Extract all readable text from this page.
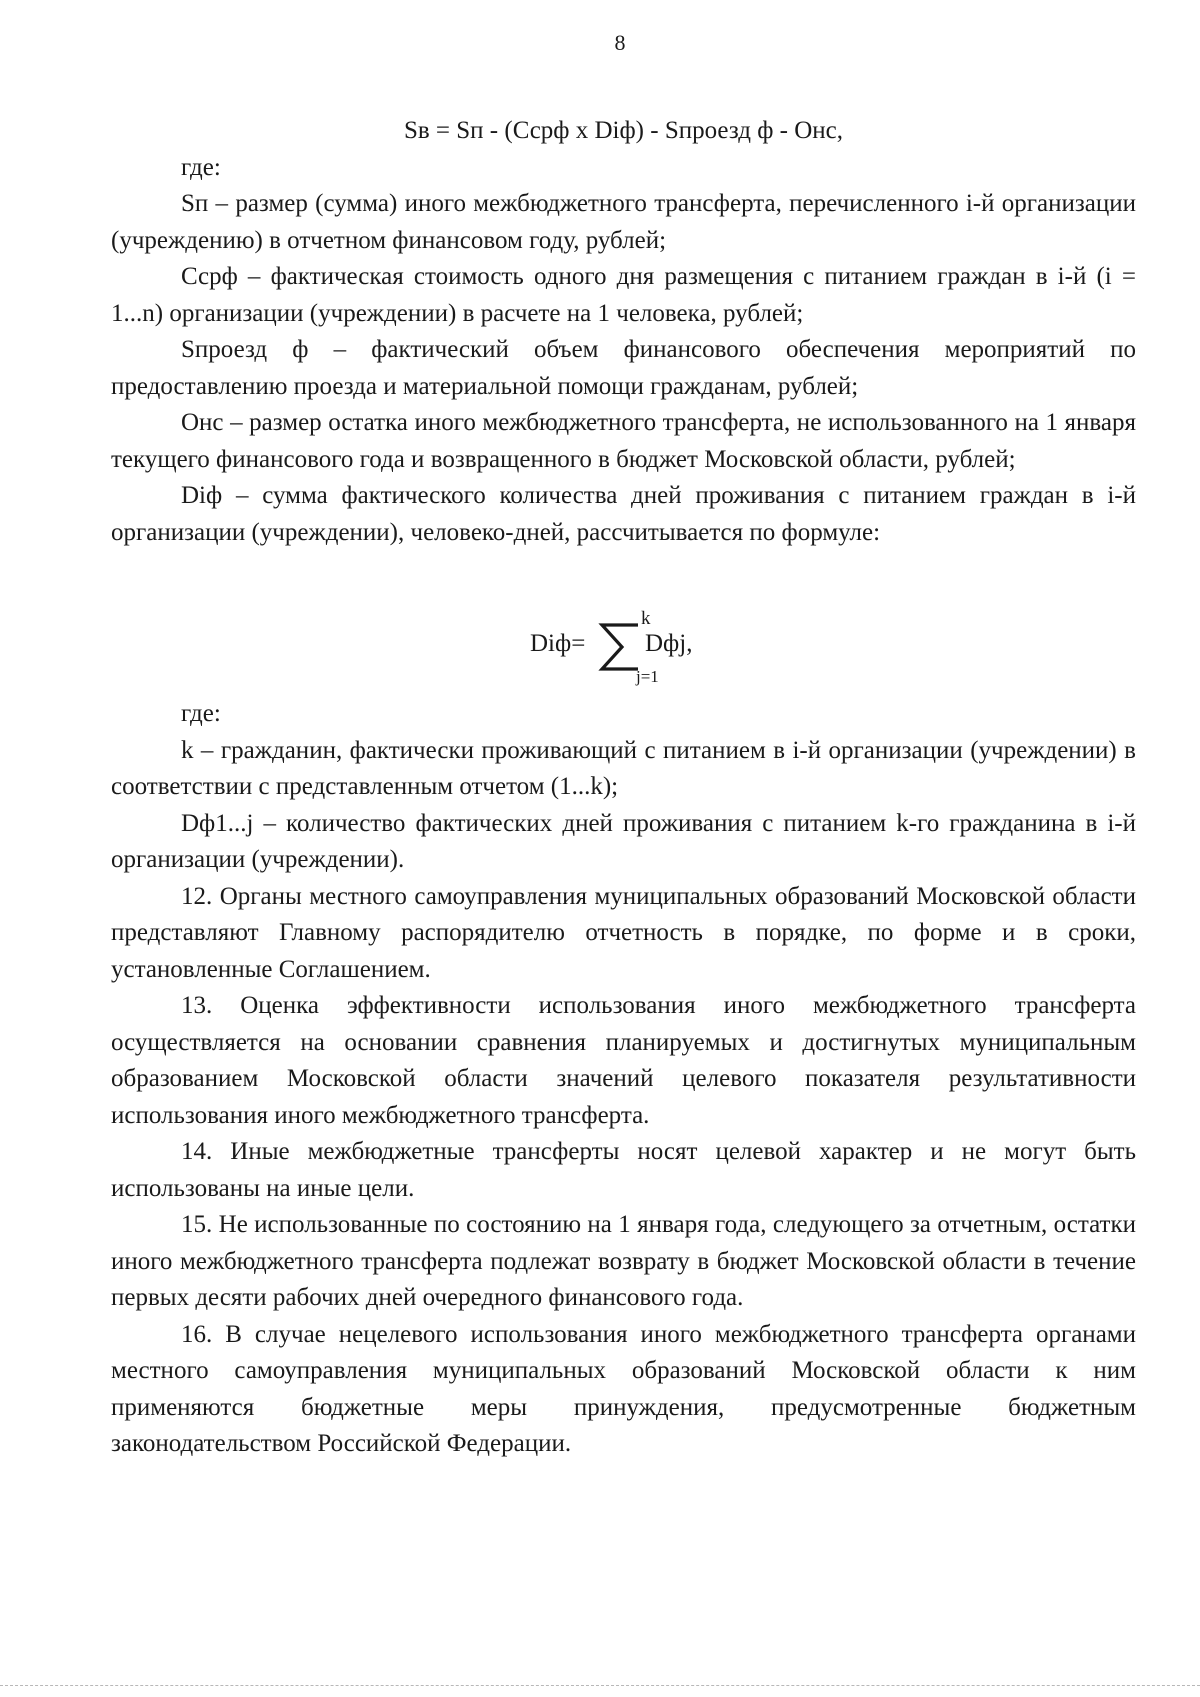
8

Sв = Sп - (Ссрф х Diф) - Sпроезд ф - Онс,

где:

Sп – размер (сумма) иного межбюджетного трансферта, перечисленного i-й организации (учреждению) в отчетном финансовом году, рублей;

Ссрф – фактическая стоимость одного дня размещения с питанием граждан в i-й (i = 1...n) организации (учреждении) в расчете на 1 человека, рублей;

Sпроезд ф – фактический объем финансового обеспечения мероприятий по предоставлению проезда и материальной помощи гражданам, рублей;

Онс – размер остатка иного межбюджетного трансферта, не использованного на 1 января текущего финансового года и возвращенного в бюджет Московской области, рублей;

Diф – сумма фактического количества дней проживания с питанием граждан в i-й организации (учреждении), человеко-дней, рассчитывается по формуле:

Diф=
k
j=1
Dфj,

где:

k – гражданин, фактически проживающий с питанием в i-й организации (учреждении) в соответствии с представленным отчетом (1...k);

Dф1...j – количество фактических дней проживания с питанием k-го гражданина в i-й организации (учреждении).

12. Органы местного самоуправления муниципальных образований Московской области представляют Главному распорядителю отчетность в порядке, по форме и в сроки, установленные Соглашением.

13. Оценка эффективности использования иного межбюджетного трансферта осуществляется на основании сравнения планируемых и достигнутых муниципальным образованием Московской области значений целевого показателя результативности использования иного межбюджетного трансферта.

14. Иные межбюджетные трансферты носят целевой характер и не могут быть использованы на иные цели.

15. Не использованные по состоянию на 1 января года, следующего за отчетным, остатки иного межбюджетного трансферта подлежат возврату в бюджет Московской области в течение первых десяти рабочих дней очередного финансового года.

16. В случае нецелевого использования иного межбюджетного трансферта органами местного самоуправления муниципальных образований Московской области к ним применяются бюджетные меры принуждения, предусмотренные бюджетным законодательством Российской Федерации.
